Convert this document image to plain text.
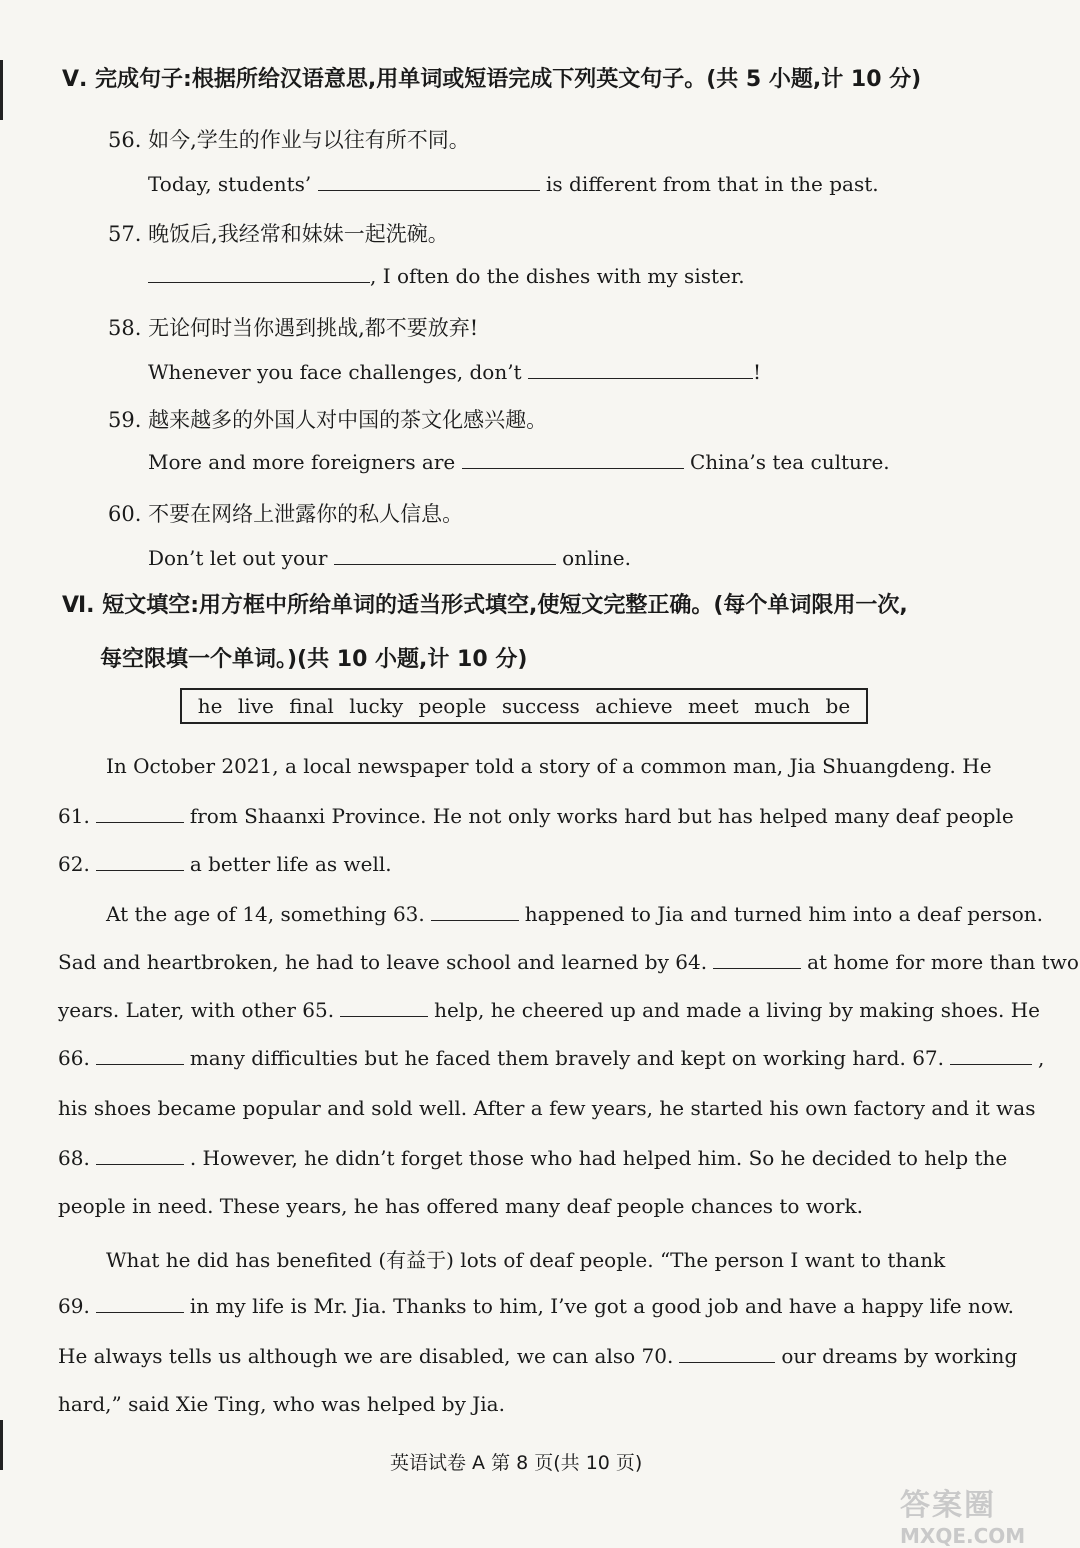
Ⅴ. 完成句子:根据所给汉语意思,用单词或短语完成下列英文句子。(共 5 小题,计 10 分)
56. 如今,学生的作业与以往有所不同。
Today, students’	is different from that in the past.
57. 晚饭后,我经常和妹妹一起洗碗。
, I often do the dishes with my sister.
58. 无论何时当你遇到挑战,都不要放弃!
Whenever you face challenges, don’t	!
59. 越来越多的外国人对中国的茶文化感兴趣。
More and more foreigners are	China’s tea culture.
60. 不要在网络上泄露你的私人信息。
Don’t let out your	online.
Ⅵ. 短文填空:用方框中所给单词的适当形式填空,使短文完整正确。(每个单词限用一次,
每空限填一个单词。)(共 10 小题,计 10 分)
he live final lucky people success achieve meet much be
In October 2021, a local newspaper told a story of a common man, Jia Shuangdeng. He
61.	from Shaanxi Province. He not only works hard but has helped many deaf people
62.	a better life as well.
At the age of 14, something 63.	happened to Jia and turned him into a deaf person.
Sad and heartbroken, he had to leave school and learned by 64.	at home for more than two
years. Later, with other 65.	help, he cheered up and made a living by making shoes. He
66.	many difficulties but he faced them bravely and kept on working hard. 67.	,
his shoes became popular and sold well. After a few years, he started his own factory and it was
68.	. However, he didn’t forget those who had helped him. So he decided to help the
people in need. These years, he has offered many deaf people chances to work.
What he did has benefited (有益于) lots of deaf people. “The person I want to thank
69.	in my life is Mr. Jia. Thanks to him, I’ve got a good job and have a happy life now.
He always tells us although we are disabled, we can also 70.	our dreams by working
hard,” said Xie Ting, who was helped by Jia.
英语试卷 A 第 8 页(共 10 页)
答案圈
MXQE.COM
